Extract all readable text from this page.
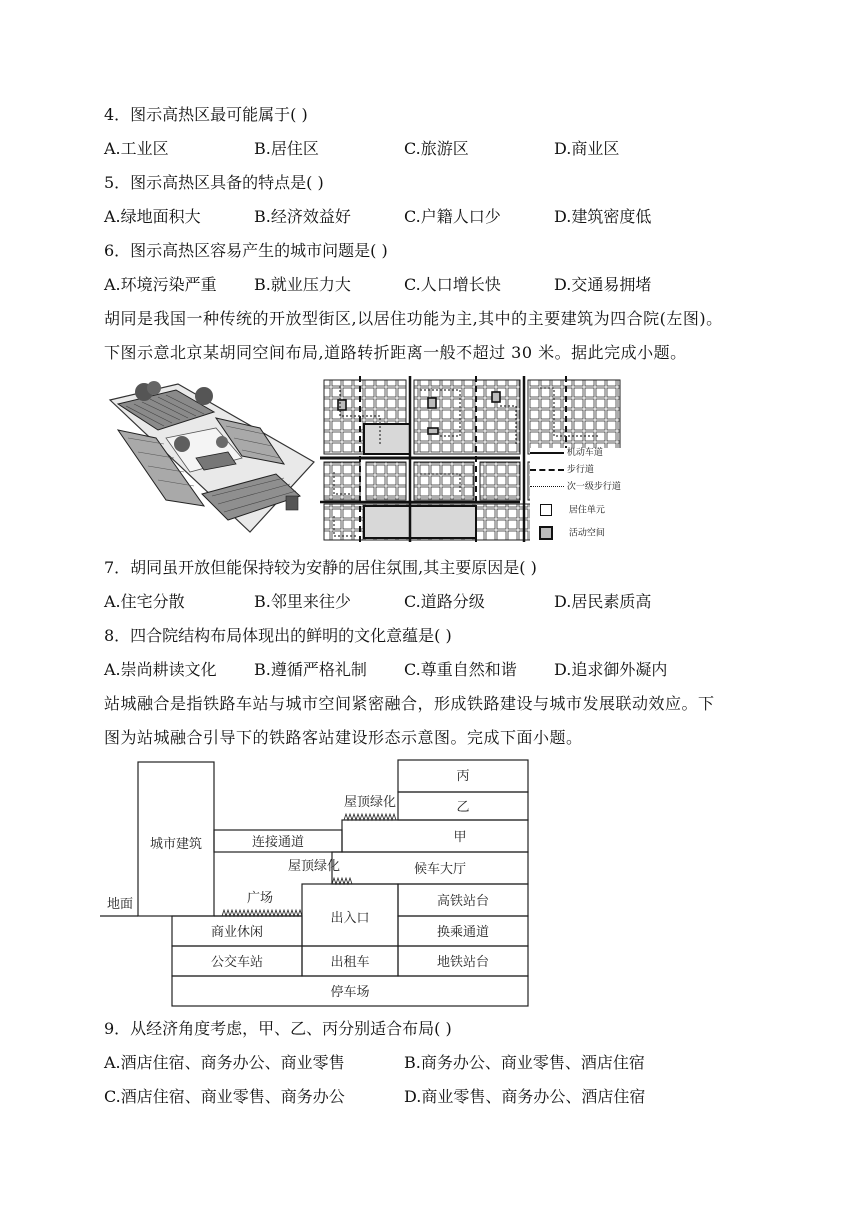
4．图示高热区最可能属于( )
A.工业区	B.居住区	C.旅游区	D.商业区
5．图示高热区具备的特点是( )
A.绿地面积大	B.经济效益好	C.户籍人口少	D.建筑密度低
6．图示高热区容易产生的城市问题是( )
A.环境污染严重 B.就业压力大	C.人口增长快	D.交通易拥堵
胡同是我国一种传统的开放型街区,以居住功能为主,其中的主要建筑为四合院(左图)。
下图示意北京某胡同空间布局,道路转折距离一般不超过 30 米。据此完成小题。
机动车道
步行道
次一级步行道
居住单元
活动空间
7．胡同虽开放但能保持较为安静的居住氛围,其主要原因是( )
A.住宅分散	B.邻里来往少	C.道路分级	D.居民素质高
8．四合院结构布局体现出的鲜明的文化意蕴是( )
A.崇尚耕读文化 B.遵循严格礼制 C.尊重自然和谐 D.追求御外凝内
站城融合是指铁路车站与城市空间紧密融合，形成铁路建设与城市发展联动效应。下
图为站城融合引导下的铁路客站建设形态示意图。完成下面小题。
丙
乙
甲
屋顶绿化
城市建筑	连接通道
屋顶绿化	候车大厅
地面	广场
出入口
高铁站台
商业休闲	换乘通道
公交车站	出租车	地铁站台
停车场
9．从经济角度考虑，甲、乙、丙分别适合布局( )
A.酒店住宿、商务办公、商业零售	B.商务办公、商业零售、酒店住宿
C.酒店住宿、商业零售、商务办公	D.商业零售、商务办公、酒店住宿
